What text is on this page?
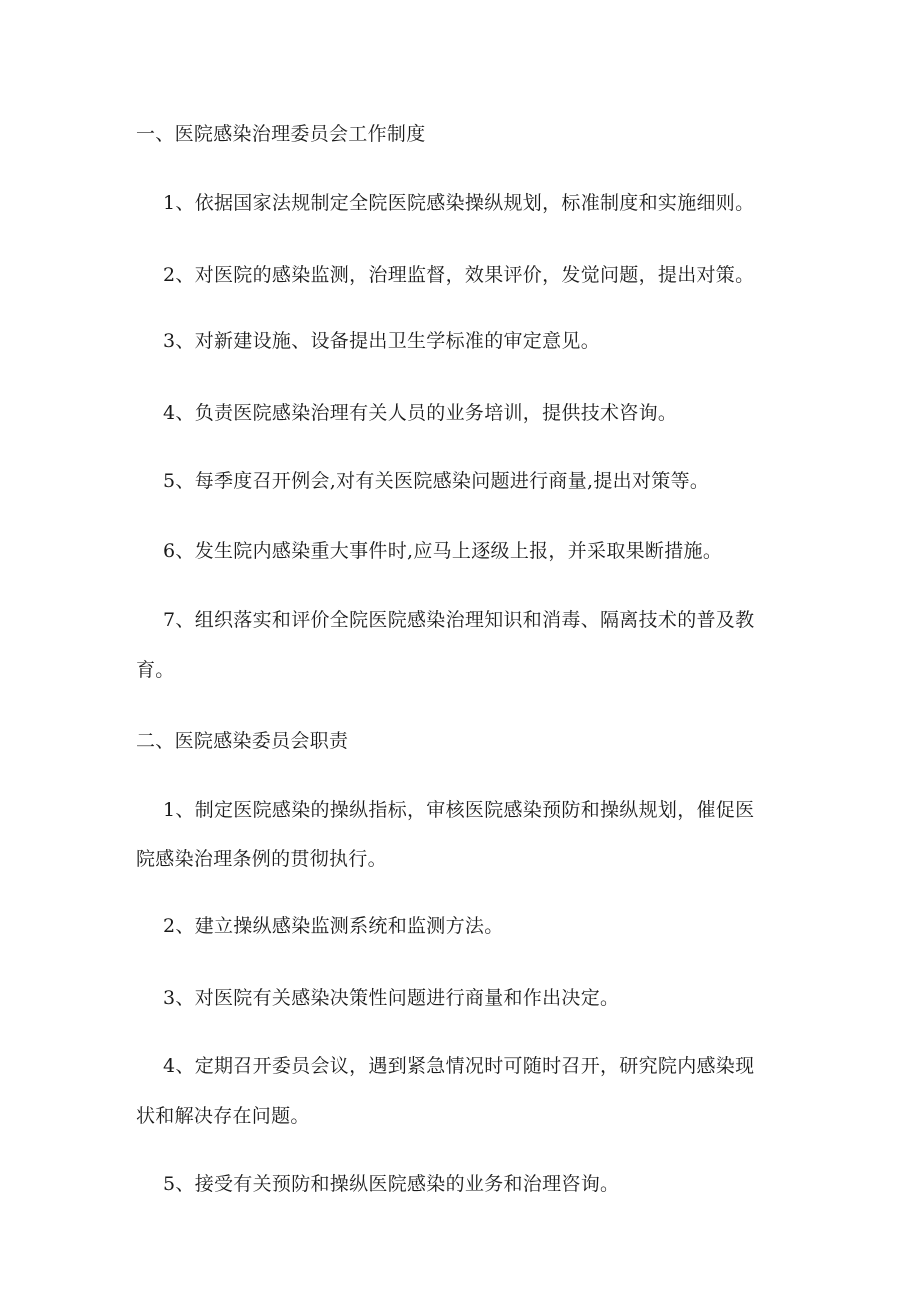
一、医院感染治理委员会工作制度
1、依据国家法规制定全院医院感染操纵规划，标准制度和实施细则。
2、对医院的感染监测，治理监督，效果评价，发觉问题，提出对策。
3、对新建设施、设备提出卫生学标准的审定意见。
4、负责医院感染治理有关人员的业务培训，提供技术咨询。
5、每季度召开例会,对有关医院感染问题进行商量,提出对策等。
6、发生院内感染重大事件时,应马上逐级上报，并采取果断措施。
7、组织落实和评价全院医院感染治理知识和消毒、隔离技术的普及教
育。
二、医院感染委员会职责
1、制定医院感染的操纵指标，审核医院感染预防和操纵规划，催促医
院感染治理条例的贯彻执行。
2、建立操纵感染监测系统和监测方法。
3、对医院有关感染决策性问题进行商量和作出决定。
4、定期召开委员会议，遇到紧急情况时可随时召开，研究院内感染现
状和解决存在问题。
5、接受有关预防和操纵医院感染的业务和治理咨询。
